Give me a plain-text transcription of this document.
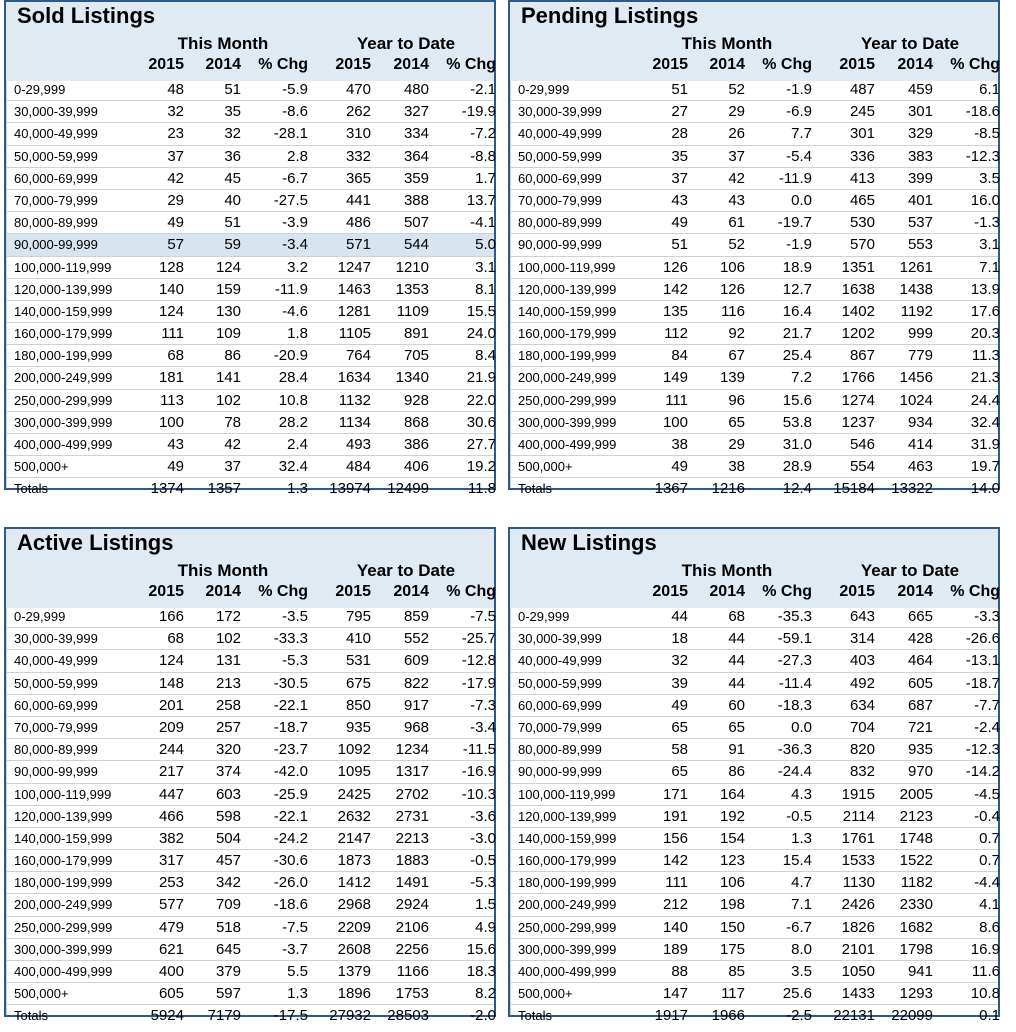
Sold Listings
This Month	Year to Date
2015 2014 % Chg 2015 2014 % Chg
0-29,999	48	51	-5.9	470 480	-2.1
30,000-39,999	32	35	-8.6	262 327 -19.9
40,000-49,999	23	32 -28.1	310 334	-7.2
50,000-59,999	37	36	2.8	332 364	-8.8
60,000-69,999	42	45	-6.7	365 359	1.7
70,000-79,999	29	40 -27.5	441 388	13.7
80,000-89,999	49	51	-3.9	486 507	-4.1
90,000-99,999	57	59	-3.4	571 544	5.0
100,000-119,999	128 124	3.2 1247 1210	3.1
120,000-139,999	140 159 -11.9 1463 1353	8.1
140,000-159,999	124 130	-4.6 1281 1109	15.5
160,000-179,999	111 109	1.8 1105 891	24.0
180,000-199,999	68	86 -20.9	764 705	8.4
200,000-249,999	181 141	28.4 1634 1340	21.9
250,000-299,999	113 102	10.8 1132 928	22.0
300,000-399,999	100	78	28.2 1134 868	30.6
400,000-499,999	43	42	2.4	493 386	27.7
500,000+	49	37	32.4	484 406	19.2
Totals	1374 1357	1.3 13974 12499	11.8
Pending Listings
This Month	Year to Date
2015 2014 % Chg 2015 2014 % Chg
0-29,999	51	52	-1.9	487 459	6.1
30,000-39,999	27	29	-6.9	245 301 -18.6
40,000-49,999	28	26	7.7	301 329	-8.5
50,000-59,999	35	37	-5.4	336 383 -12.3
60,000-69,999	37	42 -11.9	413 399	3.5
70,000-79,999	43	43	0.0	465 401	16.0
80,000-89,999	49	61 -19.7	530 537	-1.3
90,000-99,999	51	52	-1.9	570 553	3.1
100,000-119,999	126 106	18.9 1351 1261	7.1
120,000-139,999	142 126	12.7 1638 1438	13.9
140,000-159,999	135 116	16.4 1402 1192	17.6
160,000-179,999	112	92	21.7 1202 999	20.3
180,000-199,999	84	67	25.4	867 779	11.3
200,000-249,999	149 139	7.2 1766 1456	21.3
250,000-299,999	111	96	15.6 1274 1024	24.4
300,000-399,999	100	65	53.8 1237 934	32.4
400,000-499,999	38	29	31.0	546 414	31.9
500,000+	49	38	28.9	554 463	19.7
Totals	1367 1216	12.4 15184 13322	14.0
Active Listings
This Month	Year to Date
2015 2014 % Chg 2015 2014 % Chg
0-29,999	166 172	-3.5	795 859	-7.5
30,000-39,999	68 102 -33.3	410 552 -25.7
40,000-49,999	124 131	-5.3	531 609 -12.8
50,000-59,999	148 213 -30.5	675 822 -17.9
60,000-69,999	201 258 -22.1	850 917	-7.3
70,000-79,999	209 257 -18.7	935 968	-3.4
80,000-89,999	244 320 -23.7 1092 1234 -11.5
90,000-99,999	217 374 -42.0 1095 1317 -16.9
100,000-119,999	447 603 -25.9 2425 2702 -10.3
120,000-139,999	466 598 -22.1 2632 2731	-3.6
140,000-159,999	382 504 -24.2 2147 2213	-3.0
160,000-179,999	317 457 -30.6 1873 1883	-0.5
180,000-199,999	253 342 -26.0 1412 1491	-5.3
200,000-249,999	577 709 -18.6 2968 2924	1.5
250,000-299,999	479 518	-7.5 2209 2106	4.9
300,000-399,999	621 645	-3.7 2608 2256	15.6
400,000-499,999	400 379	5.5 1379 1166	18.3
500,000+	605 597	1.3 1896 1753	8.2
Totals	5924 7179 -17.5 27932 28503	-2.0
New Listings
This Month	Year to Date
2015 2014 % Chg 2015 2014 % Chg
0-29,999	44	68 -35.3	643 665	-3.3
30,000-39,999	18	44 -59.1	314 428 -26.6
40,000-49,999	32	44 -27.3	403 464 -13.1
50,000-59,999	39	44 -11.4	492 605 -18.7
60,000-69,999	49	60 -18.3	634 687	-7.7
70,000-79,999	65	65	0.0	704 721	-2.4
80,000-89,999	58	91 -36.3	820 935 -12.3
90,000-99,999	65	86 -24.4	832 970 -14.2
100,000-119,999	171 164	4.3 1915 2005	-4.5
120,000-139,999	191 192	-0.5 2114 2123	-0.4
140,000-159,999	156 154	1.3 1761 1748	0.7
160,000-179,999	142 123	15.4 1533 1522	0.7
180,000-199,999	111 106	4.7 1130 1182	-4.4
200,000-249,999	212 198	7.1 2426 2330	4.1
250,000-299,999	140 150	-6.7 1826 1682	8.6
300,000-399,999	189 175	8.0 2101 1798	16.9
400,000-499,999	88	85	3.5 1050 941	11.6
500,000+	147 117	25.6 1433 1293	10.8
Totals	1917 1966	-2.5 22131 22099	0.1
